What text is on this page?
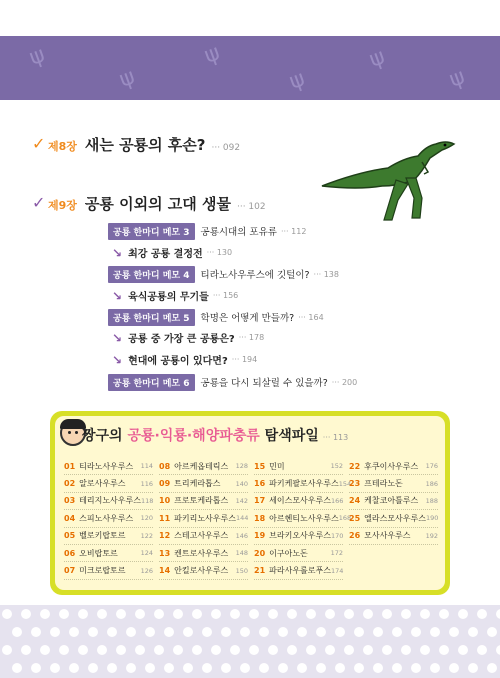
ψ
ψ
ψ
ψ
ψ
ψ
✓ 제8장 새는 공룡의 후손? ··· 092
✓ 제9장 공룡 이외의 고대 생물 ··· 102
공룡 한마디 메모 3	공룡시대의 포유류 ··· 112
↘ 최강 공룡 결정전 ··· 130
공룡 한마디 메모 4	티라노사우루스에 깃털이? ··· 138
↘ 육식공룡의 무기들 ··· 156
공룡 한마디 메모 5	학명은 어떻게 만들까? ··· 164
↘ 공룡 중 가장 큰 공룡은? ··· 178
↘ 현대에 공룡이 있다면? ··· 194
공룡 한마디 메모 6	공룡을 다시 되살릴 수 있을까? ··· 200
짱구의 공룡·익룡·해양파충류 탐색파일 ··· 113
01 티라노사우루스 114
02 알로사우루스 116
03 테리지노사우루스 118
04 스피노사우루스 120
05 벨로키랍토르 122
06 오비랍토르	124
07 미크로랍토르 126
08 아르케옵테릭스 128
09 트리케라톱스 140
10 프로토케라톱스 142
11 파키리노사우루스 144
12 스테고사우루스 146
13 켄트로사우루스 148
14 안킬로사우루스 150
15 민미	152
16 파키케팔로사우루스 154
17 세이스모사우루스 166
18 아르헨티노사우루스 168
19 브라키오사우루스 170
20 이구아노돈	172
21 파라사우롤로푸스 174
22 후쿠이사우루스 176
23 프테라노돈	186
24 케찰코아틀루스 188
25 엘라스모사우루스 190
26 모사사우루스 192
